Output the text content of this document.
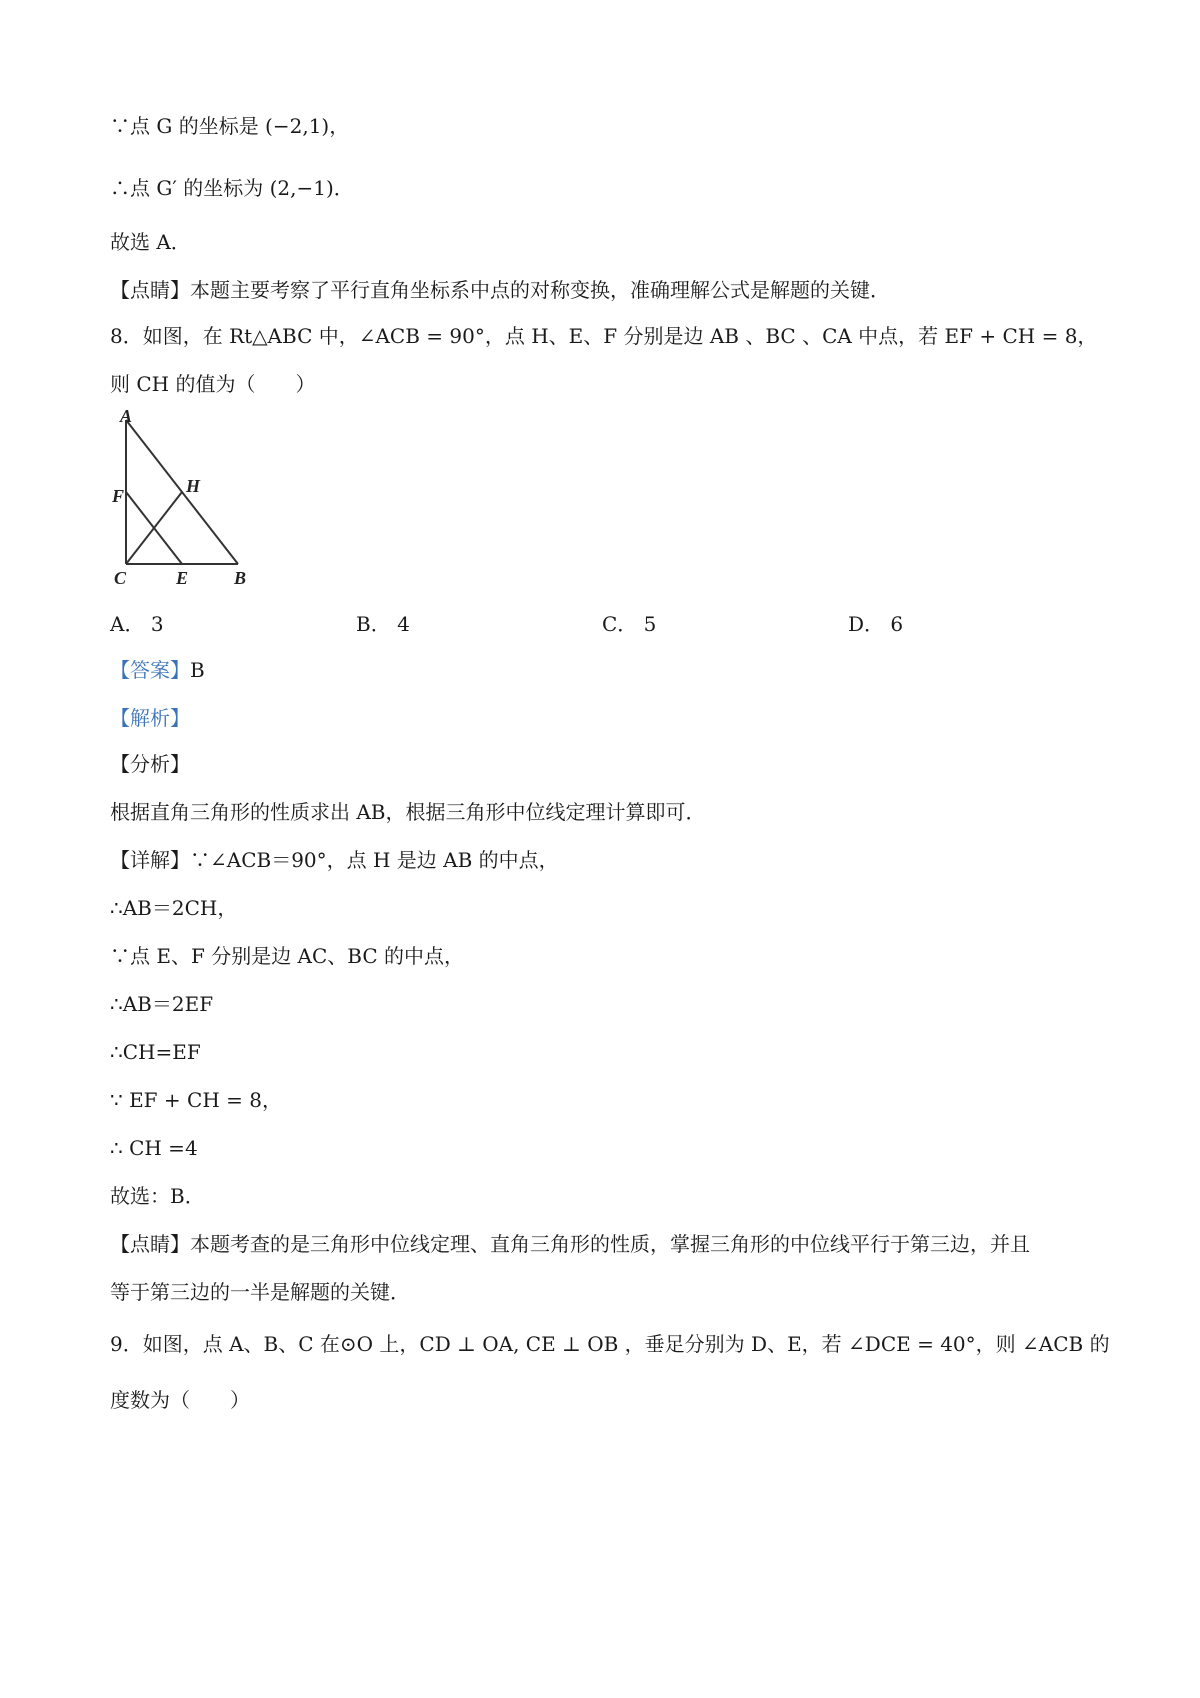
∵点 G 的坐标是 (−2,1)，
∴点 G′ 的坐标为 (2,−1)．
故选 A．
【点睛】本题主要考察了平行直角坐标系中点的对称变换，准确理解公式是解题的关键．
8．如图，在 Rt△ABC 中，∠ACB = 90°，点 H、E、F 分别是边 AB 、BC 、CA 中点，若 EF + CH = 8，
则 CH 的值为（　　）
A
F	H
C	E	B
A． 3	B． 4	C． 5	D． 6
【答案】B
【解析】
【分析】
根据直角三角形的性质求出 AB，根据三角形中位线定理计算即可．
【详解】∵∠ACB＝90°，点 H 是边 AB 的中点，
∴AB＝2CH，
∵点 E、F 分别是边 AC、BC 的中点，
∴AB＝2EF
∴CH=EF
∵ EF + CH = 8，
∴ CH =4
故选：B．
【点睛】本题考查的是三角形中位线定理、直角三角形的性质，掌握三角形的中位线平行于第三边，并且
等于第三边的一半是解题的关键．
9．如图，点 A、B、C 在⊙O 上，CD ⊥ OA, CE ⊥ OB ，垂足分别为 D、E，若 ∠DCE = 40°，则 ∠ACB 的
度数为（　　）
